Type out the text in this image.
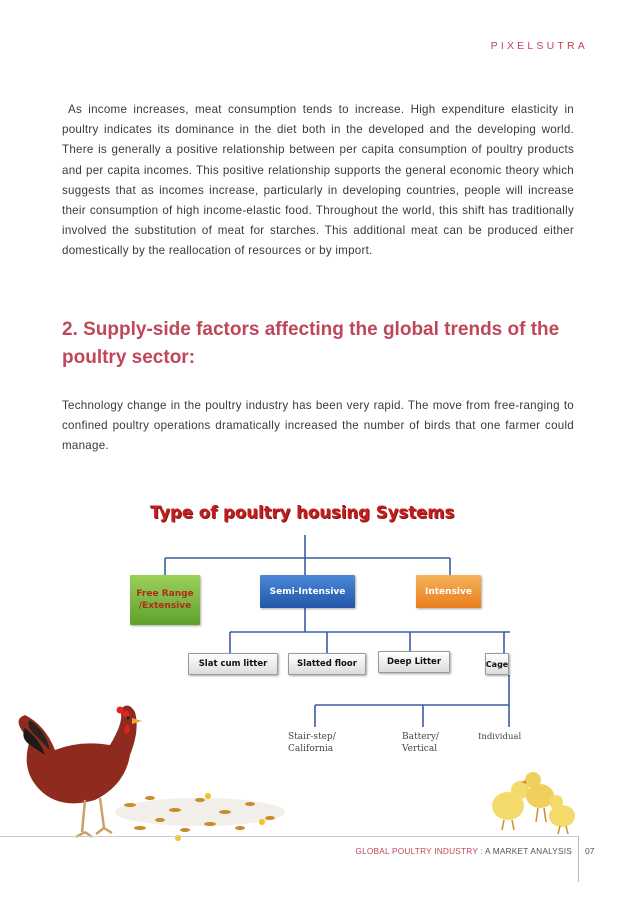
PIXELSUTRA

As income increases, meat consumption tends to increase. High expenditure elasticity in poultry indicates its dominance in the diet both in the developed and the developing world. There is generally a positive relationship between per capita consumption of poultry products and per capita incomes. This positive relationship supports the general economic theory which suggests that as incomes increase, particularly in developing countries, people will increase their consumption of high income-elastic food. Throughout the world, this shift has traditionally involved the substitution of meat for starches. This additional meat can be produced either domestically by the reallocation of resources or by import.

2. Supply-side factors affecting the global trends of the poultry sector:

Technology change in the poultry industry has been very rapid. The move from free-ranging to confined poultry operations dramatically increased the number of birds that one farmer could manage.

Type of poultry housing Systems
Free Range /Extensive
Semi-Intensive	Intensive
Slat cum litter	Slatted floor	Deep Litter	Cage
Stair-step/ California
Battery/ Vertical
Individual
GLOBAL POULTRY INDUSTRY : A MARKET ANALYSIS 07
